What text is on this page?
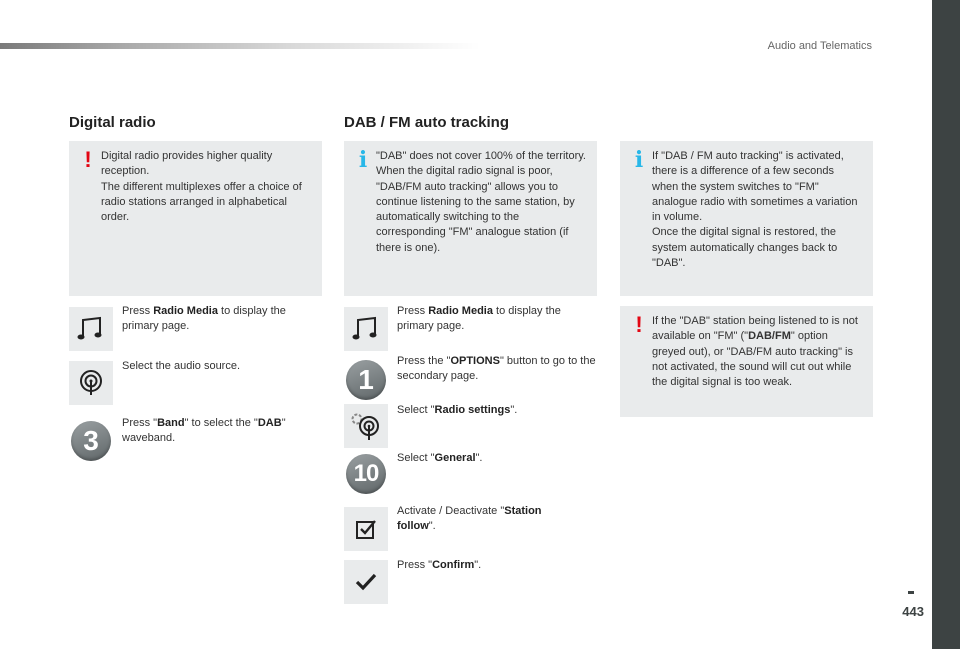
Audio and Telematics
443
Digital radio
! Digital radio provides higher quality reception.
The different multiplexes offer a choice of radio stations arranged in alphabetical order.
Press Radio Media to display the primary page.
Select the audio source.
3
Press "Band" to select the "DAB" waveband.
DAB / FM auto tracking
i "DAB" does not cover 100% of the territory.
When the digital radio signal is poor, "DAB/FM auto tracking" allows you to continue listening to the same station, by automatically switching to the corresponding "FM" analogue station (if there is one).
i If "DAB / FM auto tracking" is activated, there is a difference of a few seconds when the system switches to "FM" analogue radio with sometimes a variation in volume.
Once the digital signal is restored, the system automatically changes back to "DAB".
! If the "DAB" station being listened to is not available on "FM" ("DAB/FM" option greyed out), or "DAB/FM auto tracking" is not activated, the sound will cut out while the digital signal is too weak.
Press Radio Media to display the primary page.
1
Press the "OPTIONS" button to go to the secondary page.
Select "Radio settings".
10
Select "General".
Activate / Deactivate "Station follow".
Press "Confirm".
